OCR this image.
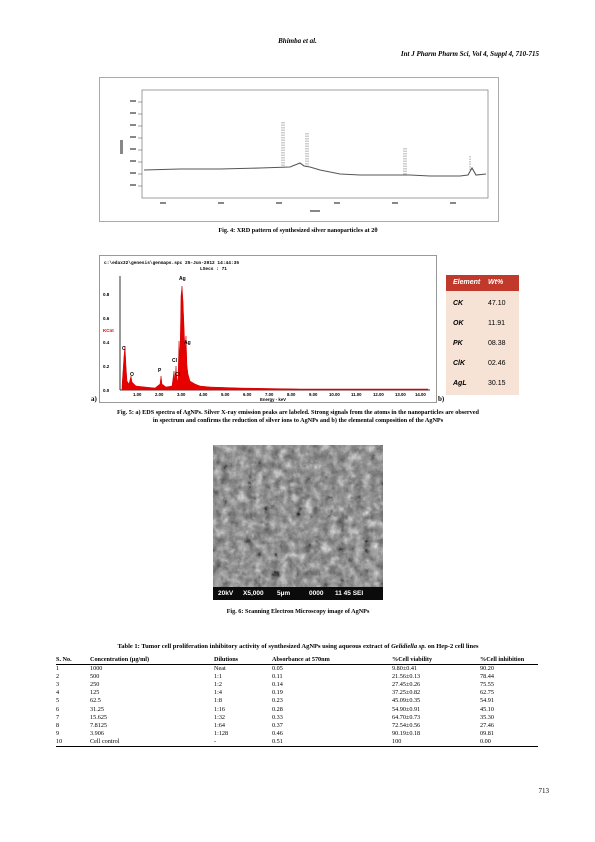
Bhimba et al.
Int J Pharm Pharm Sci, Vol 4, Suppl 4, 710-715
Fig. 4: XRD pattern of synthesized silver nanoparticles at 2θ
c:\edax32\genesis\genmaps.spc 25-Jun-2012 14:44:35
LSecs : 71
0.0
0.2
0.4
0.6
0.8
KCnt
1.00	2.00	3.00	4.00	5.00	6.00	7.00	8.00	9.00	10.00	11.00	12.00	13.00 14.00
Energy - keV
C
O
P
Cl
Cl
Ag
Ag
a)	b)
Element Wt%
CK	47.10
OK	11.91
PK	08.38
ClK	02.46
AgL	30.15
Fig. 5: a) EDS spectra of AgNPs. Silver X-ray emission peaks are labeled. Strong signals from the atoms in the nanoparticles are observed
in spectrum and confirms the reduction of silver ions to AgNPs and b) the elemental composition of the AgNPs
20kV X5,000 5µm	0000 11 45 SEI
Fig. 6: Scanning Electron Microscopy image of AgNPs
Table 1: Tumor cell proliferation inhibitory activity of synthesized AgNPs using aqueous extract of Gelidiella sp. on Hep-2 cell lines
S. No.	Concentration (µg/ml)	Dilutions	Absorbance at 570nm	%Cell viability	%Cell inhibition
1	1000	Neat	0.05	9.80±0.41	90.20
2	500	1:1	0.11	21.56±0.13	78.44
3	250	1:2	0.14	27.45±0.26	75.55
4	125	1:4	0.19	37.25±0.82	62.75
5	62.5	1:8	0.23	45.09±0.35	54.91
6	31.25	1:16	0.28	54.90±0.91	45.10
7	15.625	1:32	0.33	64.70±0.73	35.30
8	7.8125	1:64	0.37	72.54±0.56	27.46
9	3.906	1:128	0.46	90.19±0.18	09.81
10	Cell control	-	0.51	100	0.00
713
